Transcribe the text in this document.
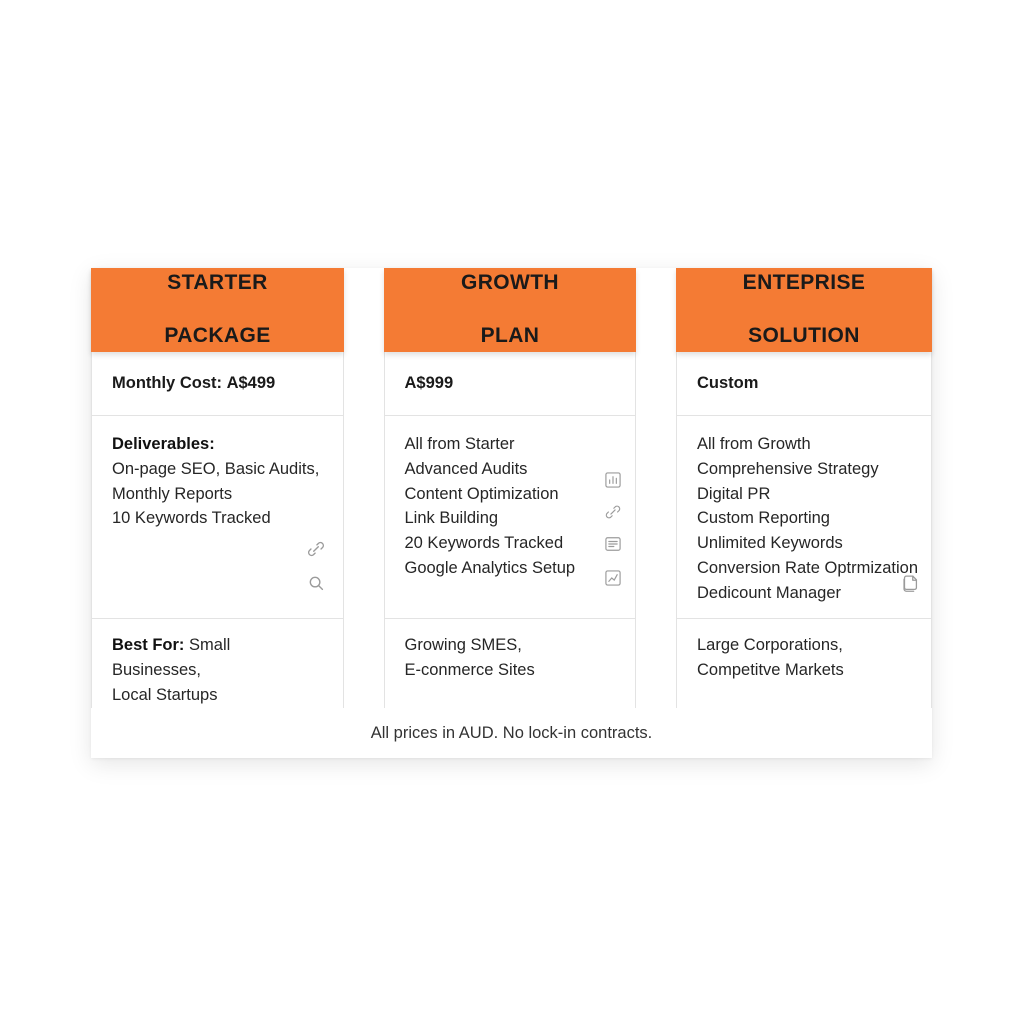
STARTER

PACKAGE
Monthly Cost:
A$499
Deliverables:
On-page SEO, Basic Audits,
Monthly Reports
10 Keywords Tracked
Best For: Small Businesses,
Local Startups
GROWTH

PLAN
A$999
All from Starter
Advanced Audits
Content Optimization
Link Building
20 Keywords Tracked
Google Analytics Setup
Growing SMES,
E-conmerce Sites
ENTEPRISE

SOLUTION
Custom
All from Growth
Comprehensive Strategy
Digital PR
Custom Reporting
Unlimited Keywords
Conversion Rate Optrmization
Dedicount Manager
Large Corporations,
Competitve Markets
All prices in AUD. No lock-in contracts.
